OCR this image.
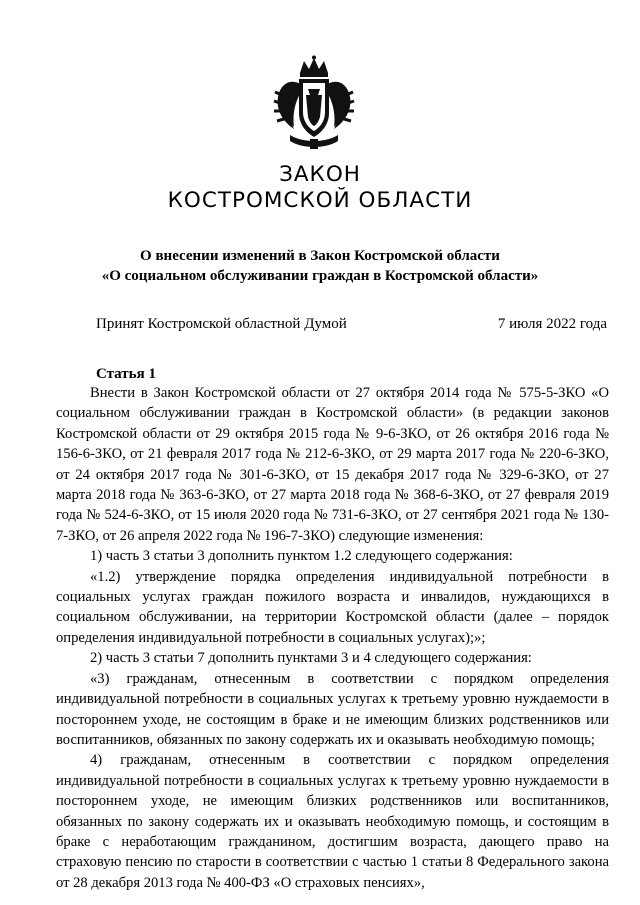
ЗАКОН
КОСТРОМСКОЙ ОБЛАСТИ
О внесении изменений в Закон Костромской области
«О социальном обслуживании граждан в Костромской области»
Принят Костромской областной Думой	7 июля 2022 года
Статья 1

Внести в Закон Костромской области от 27 октября 2014 года № 575-5-ЗКО «О социальном обслуживании граждан в Костромской области» (в редакции законов Костромской области от 29 октября 2015 года № 9-6-ЗКО, от 26 октября 2016 года № 156-6-ЗКО, от 21 февраля 2017 года № 212-6-ЗКО, от 29 марта 2017 года № 220-6-ЗКО, от 24 октября 2017 года № 301-6-ЗКО, от 15 декабря 2017 года № 329-6-ЗКО, от 27 марта 2018 года № 363-6-ЗКО, от 27 марта 2018 года № 368-6-ЗКО, от 27 февраля 2019 года № 524-6-ЗКО, от 15 июля 2020 года № 731-6-ЗКО, от 27 сентября 2021 года № 130-7-ЗКО, от 26 апреля 2022 года № 196-7-ЗКО) следующие изменения:

1) часть 3 статьи 3 дополнить пунктом 1.2 следующего содержания:

«1.2) утверждение порядка определения индивидуальной потребности в социальных услугах граждан пожилого возраста и инвалидов, нуждающихся в социальном обслуживании, на территории Костромской области (далее – порядок определения индивидуальной потребности в социальных услугах);»;

2) часть 3 статьи 7 дополнить пунктами 3 и 4 следующего содержания:

«3) гражданам, отнесенным в соответствии с порядком определения индивидуальной потребности в социальных услугах к третьему уровню нуждаемости в постороннем уходе, не состоящим в браке и не имеющим близких родственников или воспитанников, обязанных по закону содержать их и оказывать необходимую помощь;

4) гражданам, отнесенным в соответствии с порядком определения индивидуальной потребности в социальных услугах к третьему уровню нуждаемости в постороннем уходе, не имеющим близких родственников или воспитанников, обязанных по закону содержать их и оказывать необходимую помощь, и состоящим в браке с неработающим гражданином, достигшим возраста, дающего право на страховую пенсию по старости в соответствии с частью 1 статьи 8 Федерального закона от 28 декабря 2013 года № 400-ФЗ «О страховых пенсиях»,
